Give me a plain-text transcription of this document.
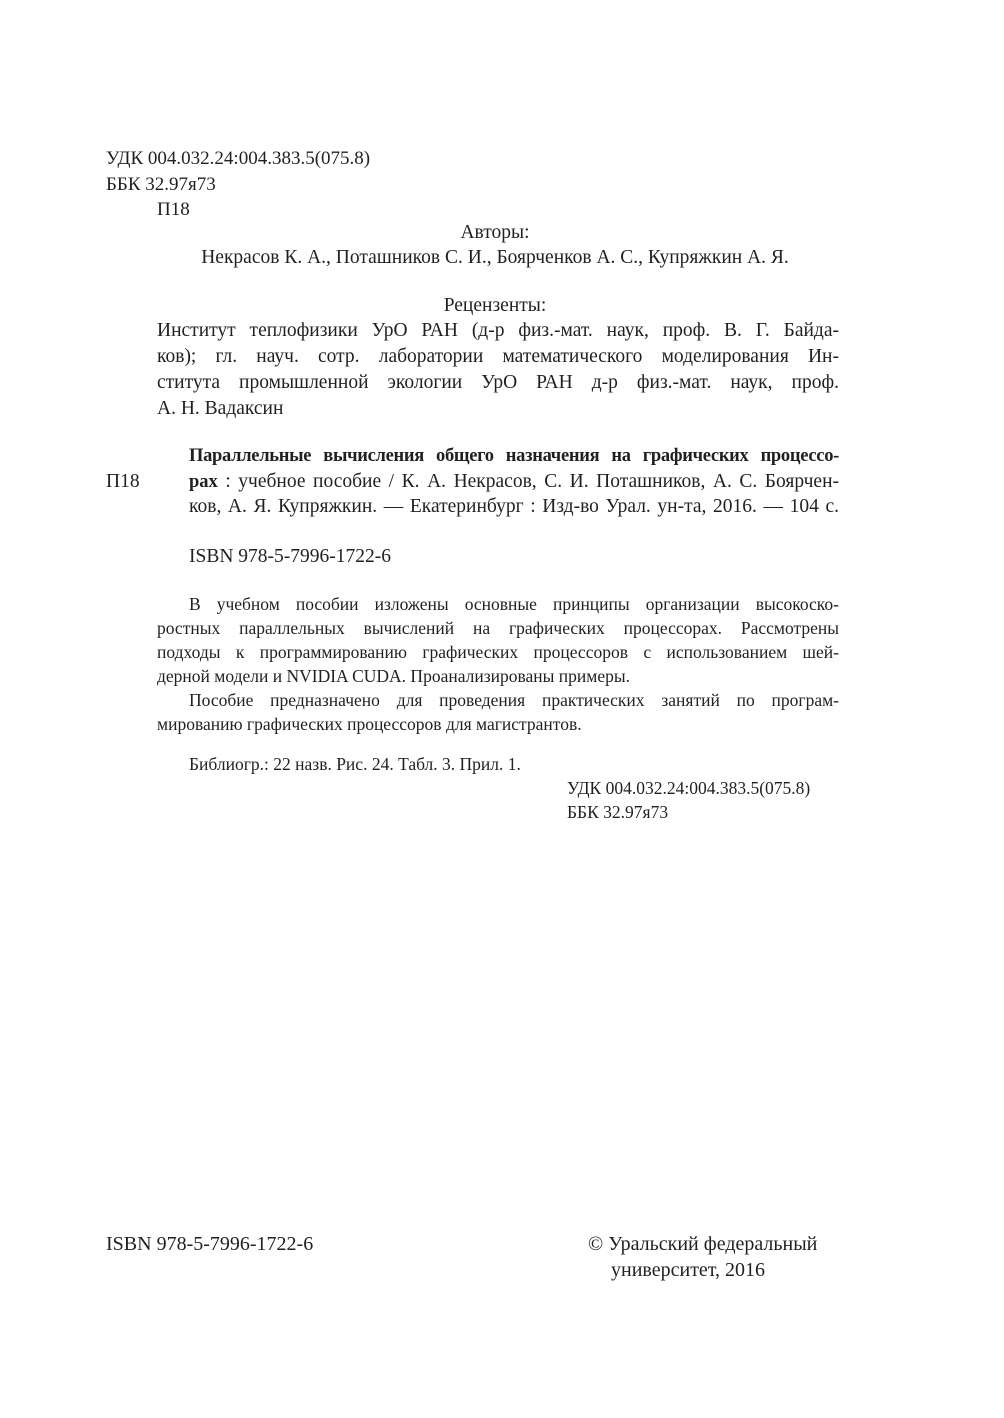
УДК 004.032.24:004.383.5(075.8)
ББК 32.97я73
П18
Авторы:
Некрасов К. А., Поташников С. И., Боярченков А. С., Купряжкин А. Я.
Рецензенты:
Институт теплофизики УрО РАН (д-р физ.-мат. наук, проф. В. Г. Байда-
ков); гл. науч. сотр. лаборатории математического моделирования Ин-
ститута промышленной экологии УрО РАН д-р физ.-мат. наук, проф.
А. Н. Вадаксин
П18
Параллельные вычисления общего назначения на графических процессо-
рах : учебное пособие / К. А. Некрасов, С. И. Поташников, А. С. Боярчен-
ков, А. Я. Купряжкин. — Екатеринбург : Изд-во Урал. ун-та, 2016. — 104 с.
ISBN 978-5-7996-1722-6
В учебном пособии изложены основные принципы организации высокоско-
ростных параллельных вычислений на графических процессорах. Рассмотрены
подходы к программированию графических процессоров с использованием шей-
дерной модели и NVIDIA CUDA. Проанализированы примеры.
Пособие предназначено для проведения практических занятий по програм-
мированию графических процессоров для магистрантов.
Библиогр.: 22 назв. Рис. 24. Табл. 3. Прил. 1.
УДК 004.032.24:004.383.5(075.8)
ББК 32.97я73
ISBN 978-5-7996-1722-6	© Уральский федеральный
университет, 2016
